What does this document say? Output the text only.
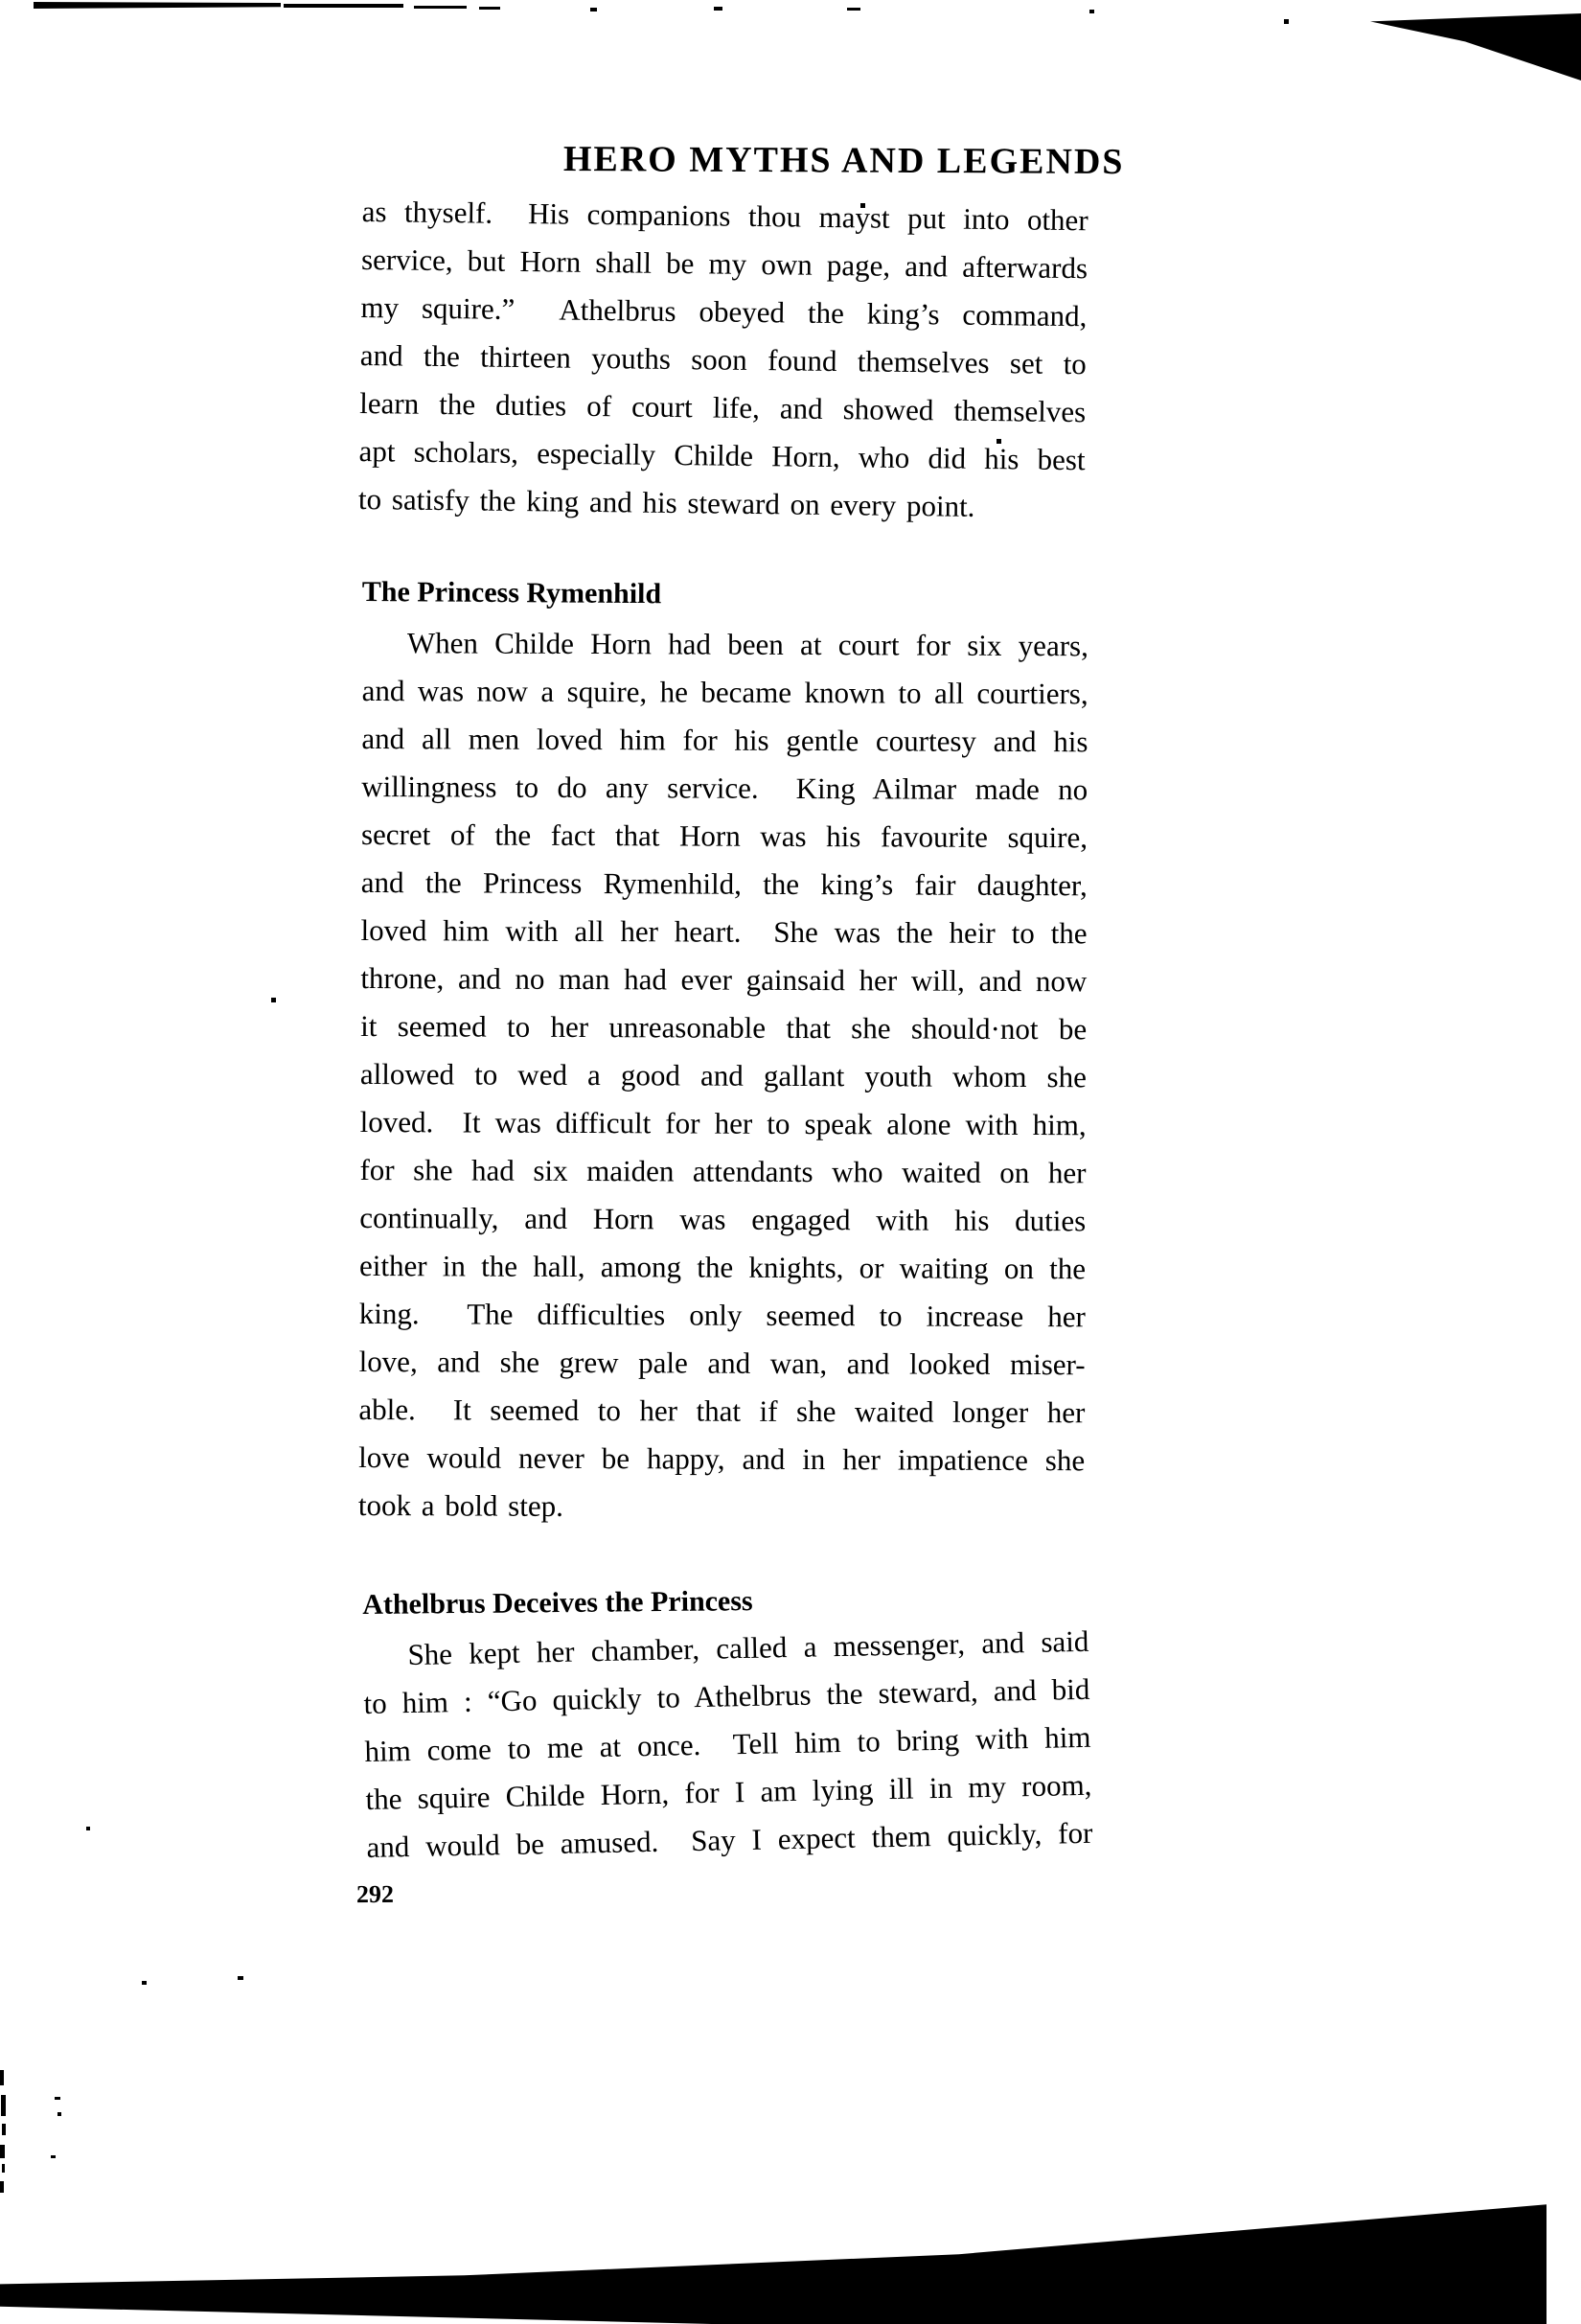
HERO MYTHS AND LEGENDS
as thyself.  His companions thou mayst put into other
service, but Horn shall be my own page, and afterwards
my squire.”  Athelbrus obeyed the king’s command,
and the thirteen youths soon found themselves set to
learn the duties of court life, and showed themselves
apt scholars, especially Childe Horn, who did his best
to satisfy the king and his steward on every point.
The Princess Rymenhild
When Childe Horn had been at court for six years,
and was now a squire, he became known to all courtiers,
and all men loved him for his gentle courtesy and his
willingness to do any service.  King Ailmar made no
secret of the fact that Horn was his favourite squire,
and the Princess Rymenhild, the king’s fair daughter,
loved him with all her heart.  She was the heir to the
throne, and no man had ever gainsaid her will, and now
it seemed to her unreasonable that she should·not be
allowed to wed a good and gallant youth whom she
loved.  It was difficult for her to speak alone with him,
for she had six maiden attendants who waited on her
continually, and Horn was engaged with his duties
either in the hall, among the knights, or waiting on the
king.  The difficulties only seemed to increase her
love, and she grew pale and wan, and looked miser-
able.  It seemed to her that if she waited longer her
love would never be happy, and in her impatience she
took a bold step.
Athelbrus Deceives the Princess
She kept her chamber, called a messenger, and said
to him : “Go quickly to Athelbrus the steward, and bid
him come to me at once.  Tell him to bring with him
the squire Childe Horn, for I am lying ill in my room,
and would be amused.  Say I expect them quickly, for
292
